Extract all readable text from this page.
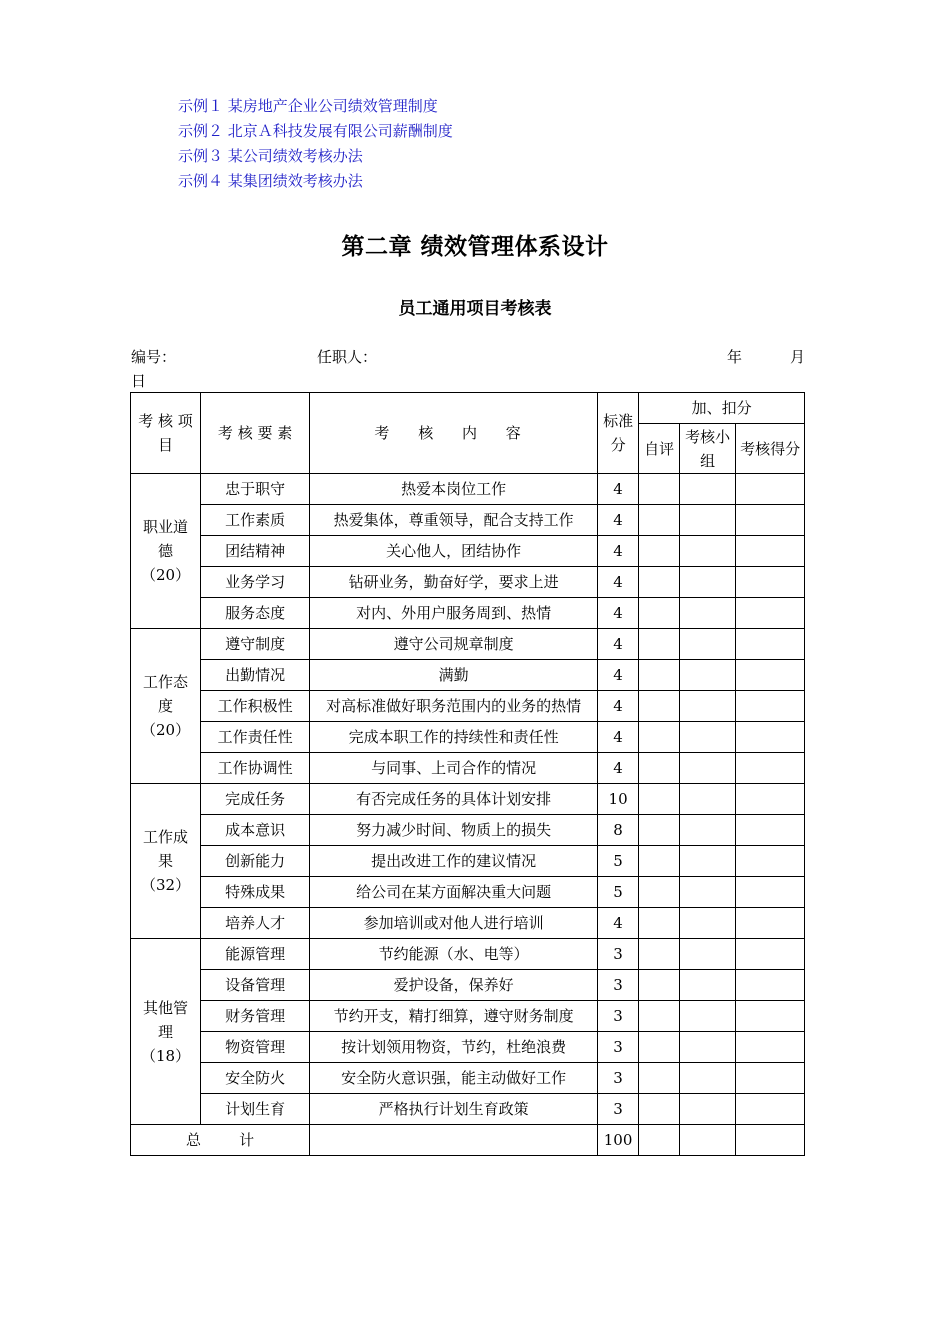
示例１ 某房地产企业公司绩效管理制度
示例２ 北京Ａ科技发展有限公司薪酬制度
示例３ 某公司绩效考核办法
示例４ 某集团绩效考核办法
第二章 绩效管理体系设计
员工通用项目考核表
编号：	任职人：	年	月
日
考 核 项 目	考 核 要 素	考 核 内 容	标准分	加、扣分		
				自评	考核小组	考核得分
职业道德（20）	忠于职守	热爱本岗位工作	4			
	工作素质	热爱集体，尊重领导，配合支持工作	4			
	团结精神	关心他人，团结协作	4			
	业务学习	钻研业务，勤奋好学，要求上进	4			
	服务态度	对内、外用户服务周到、热情	4			
工作态度（20）	遵守制度	遵守公司规章制度	4			
	出勤情况	满勤	4			
	工作积极性	对高标准做好职务范围内的业务的热情	4			
	工作责任性	完成本职工作的持续性和责任性	4			
	工作协调性	与同事、上司合作的情况	4			
工作成果（32）	完成任务	有否完成任务的具体计划安排	10			
	成本意识	努力减少时间、物质上的损失	8			
	创新能力	提出改进工作的建议情况	5			
	特殊成果	给公司在某方面解决重大问题	5			
	培养人才	参加培训或对他人进行培训	4			
其他管理（18）	能源管理	节约能源（水、电等）	3			
	设备管理	爱护设备，保养好	3			
	财务管理	节约开支，精打细算，遵守财务制度	3			
	物资管理	按计划领用物资，节约，杜绝浪费	3			
	安全防火	安全防火意识强，能主动做好工作	3			
	计划生育	严格执行计划生育政策	3			
总        计			100			
